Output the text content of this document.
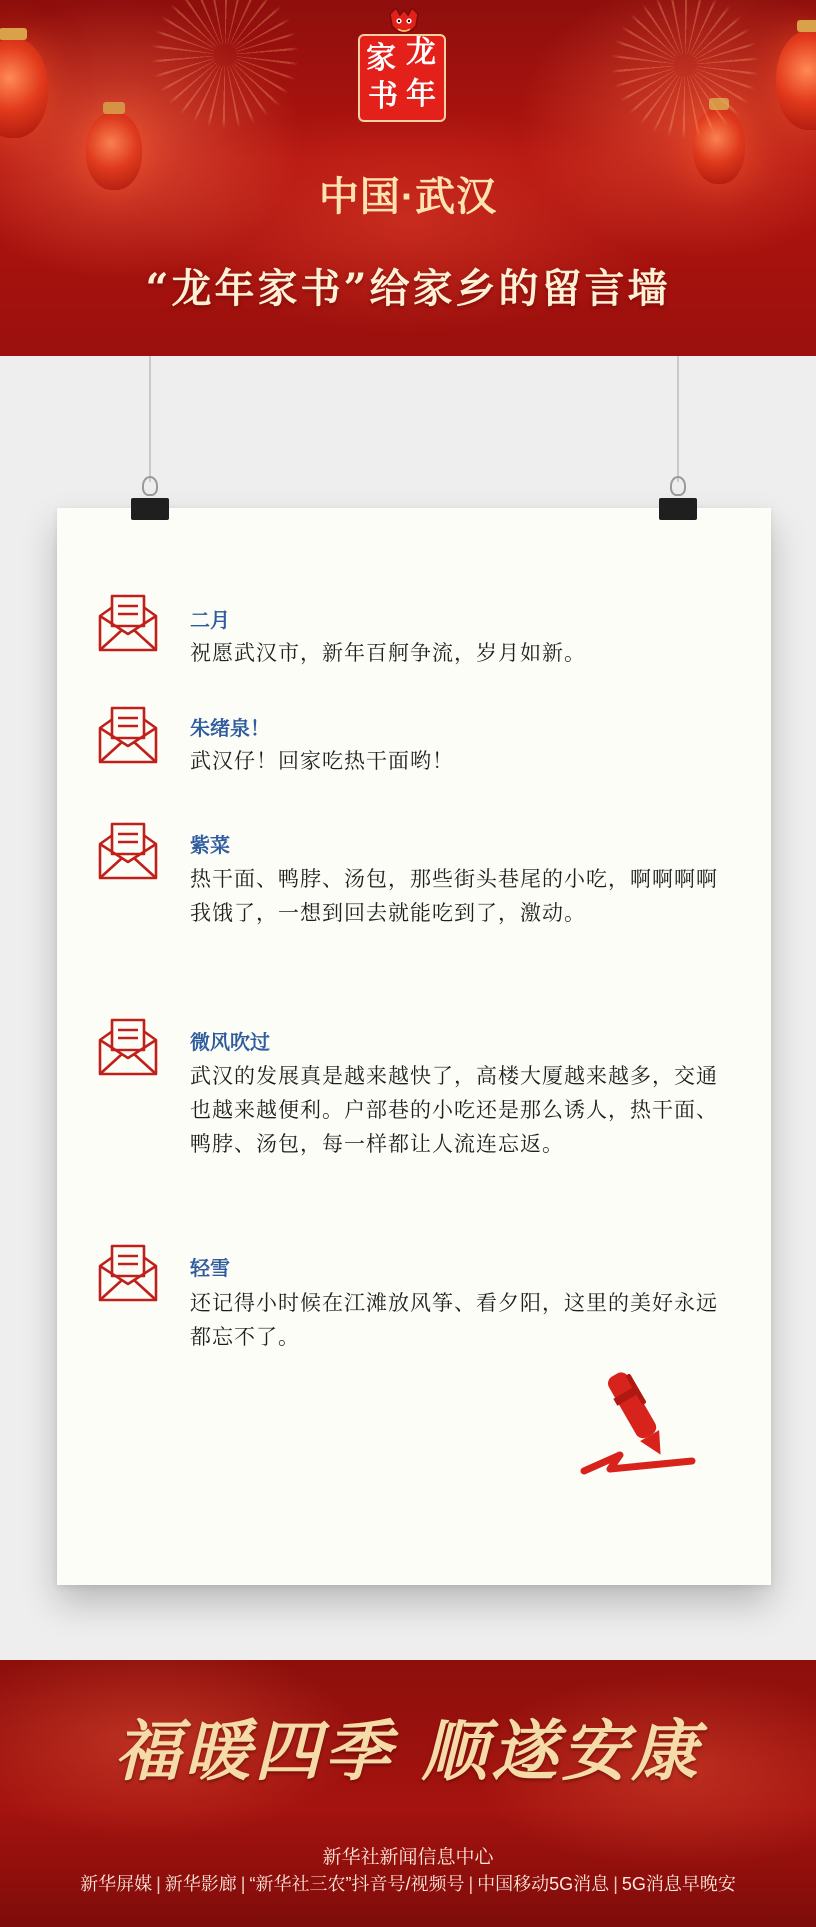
家 龙
书 年
中国·武汉
“龙年家书”给家乡的留言墙
二月
祝愿武汉市，新年百舸争流，岁月如新。
朱绪泉！
武汉仔！回家吃热干面哟！
紫菜
热干面、鸭脖、汤包，那些街头巷尾的小吃，啊啊啊啊我饿了，一想到回去就能吃到了，激动。
微风吹过
武汉的发展真是越来越快了，高楼大厦越来越多，交通也越来越便利。户部巷的小吃还是那么诱人，热干面、鸭脖、汤包，每一样都让人流连忘返。
轻雪
还记得小时候在江滩放风筝、看夕阳，这里的美好永远都忘不了。
福暖四季 顺遂安康
新华社新闻信息中心
新华屏媒 | 新华影廊 | “新华社三农”抖音号/视频号 | 中国移动5G消息 | 5G消息早晚安
